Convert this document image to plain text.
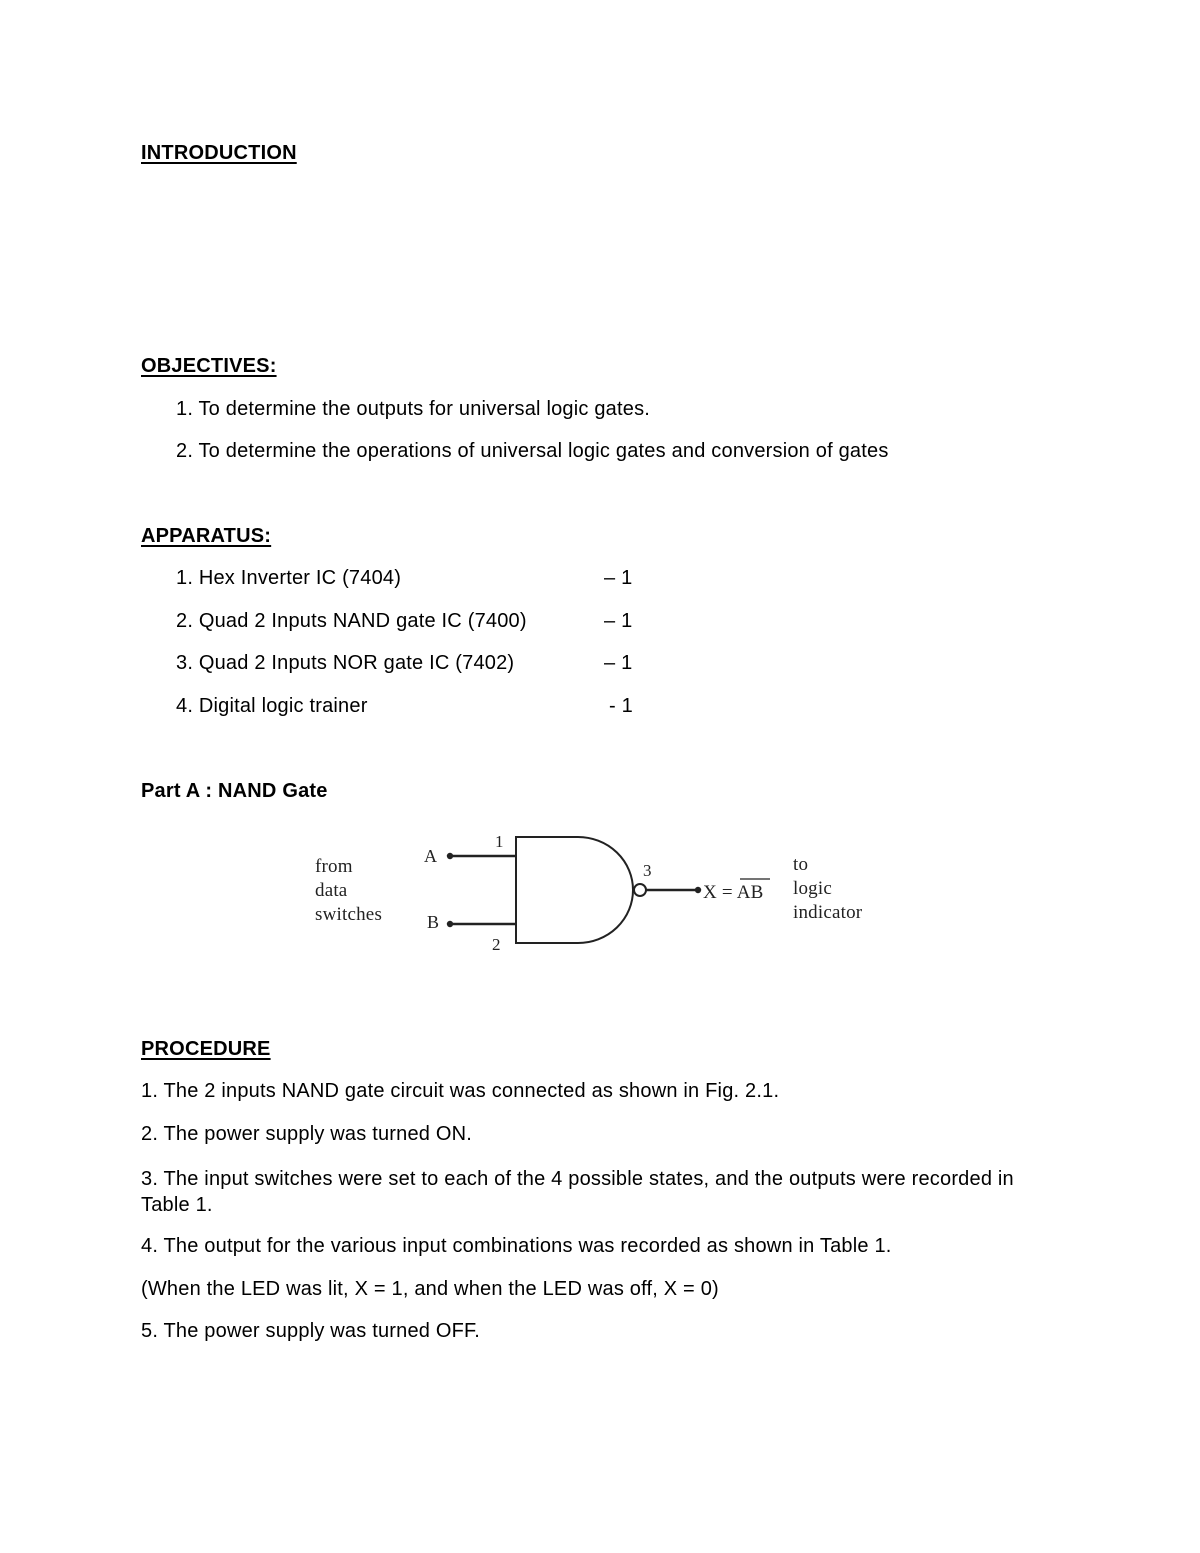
INTRODUCTION
OBJECTIVES:
1. To determine the outputs for universal logic gates.
2. To determine the operations of universal logic gates and conversion of gates
APPARATUS:
1. Hex Inverter IC (7404)	– 1
2. Quad 2 Inputs NAND gate IC (7400)	– 1
3. Quad 2 Inputs NOR gate IC (7402)	– 1
4. Digital logic trainer	- 1
Part A : NAND Gate
from
data
switches
A
B
1
2
3
X = AB
to
logic
indicator
PROCEDURE
1. The 2 inputs NAND gate circuit was connected as shown in Fig. 2.1.
2. The power supply was turned ON.
3. The input switches were set to each of the 4 possible states, and the outputs were recorded in Table 1.
4. The output for the various input combinations was recorded as shown in Table 1.
(When the LED was lit, X = 1, and when the LED was off, X = 0)
5. The power supply was turned OFF.
